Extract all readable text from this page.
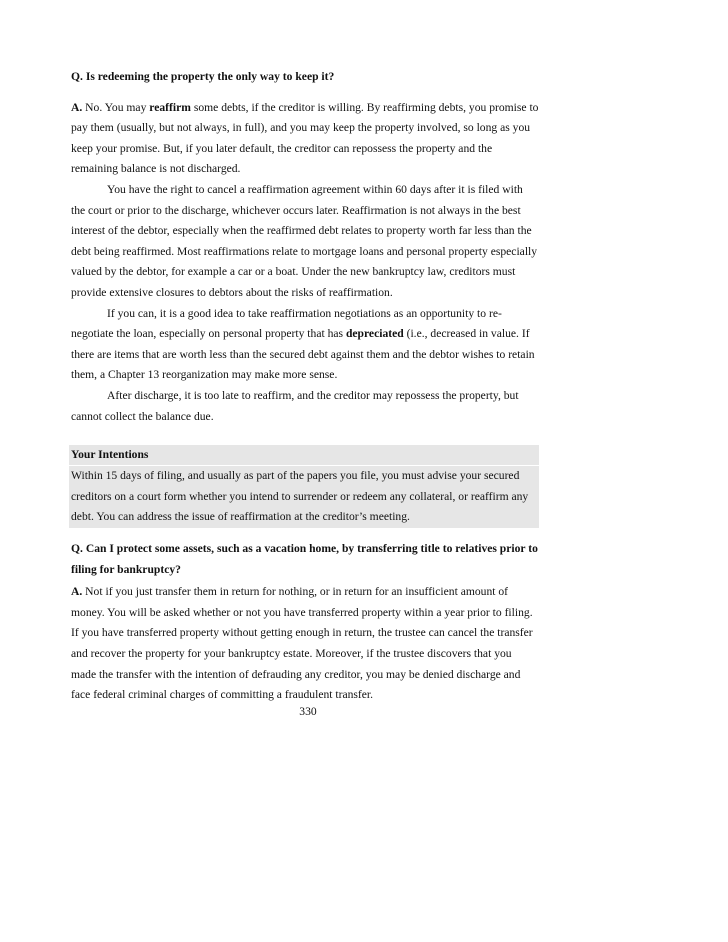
Q. Is redeeming the property the only way to keep it?

A. No. You may reaffirm some debts, if the creditor is willing. By reaffirming debts, you promise to pay them (usually, but not always, in full), and you may keep the property involved, so long as you keep your promise. But, if you later default, the creditor can repossess the property and the remaining balance is not discharged.

You have the right to cancel a reaffirmation agreement within 60 days after it is filed with the court or prior to the discharge, whichever occurs later. Reaffirmation is not always in the best interest of the debtor, especially when the reaffirmed debt relates to property worth far less than the debt being reaffirmed. Most reaffirmations relate to mortgage loans and personal property especially valued by the debtor, for example a car or a boat. Under the new bankruptcy law, creditors must provide extensive closures to debtors about the risks of reaffirmation.

If you can, it is a good idea to take reaffirmation negotiations as an opportunity to re-negotiate the loan, especially on personal property that has depreciated (i.e., decreased in value. If there are items that are worth less than the secured debt against them and the debtor wishes to retain them, a Chapter 13 reorganization may make more sense.

After discharge, it is too late to reaffirm, and the creditor may repossess the property, but cannot collect the balance due.

Your Intentions
Within 15 days of filing, and usually as part of the papers you file, you must advise your secured creditors on a court form whether you intend to surrender or redeem any collateral, or reaffirm any debt. You can address the issue of reaffirmation at the creditor’s meeting.

Q. Can I protect some assets, such as a vacation home, by transferring title to relatives prior to filing for bankruptcy?

A. Not if you just transfer them in return for nothing, or in return for an insufficient amount of money. You will be asked whether or not you have transferred property within a year prior to filing. If you have transferred property without getting enough in return, the trustee can cancel the transfer and recover the property for your bankruptcy estate. Moreover, if the trustee discovers that you made the transfer with the intention of defrauding any creditor, you may be denied discharge and face federal criminal charges of committing a fraudulent transfer.

330
